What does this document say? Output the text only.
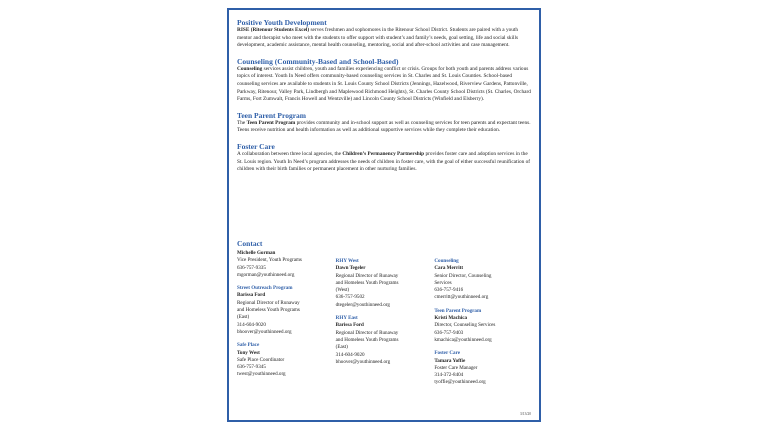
Positive Youth Development

RISE (Ritenour Students Excel) serves freshmen and sophomores in the Ritenour School District. Students are paired with a youth mentor and therapist who meet with the students to offer support with student’s and family’s needs, goal setting, life and social skills development, academic assistance, mental health counseling, mentoring, social and after-school activities and case management.

Counseling (Community-Based and School-Based)

Counseling services assist children, youth and families experiencing conflict or crisis. Groups for both youth and parents address various topics of interest. Youth In Need offers community-based counseling services in St. Charles and St. Louis Counties. School-based counseling services are available to students in St. Louis County School Districts (Jennings, Hazelwood, Riverview Gardens, Pattonville, Parkway, Ritenour, Valley Park, Lindbergh and Maplewood Richmond Heights), St. Charles County School Districts (St. Charles, Orchard Farms, Fort Zumwalt, Francis Howell and Wentzville) and Lincoln County School Districts (Winfield and Elsberry).

Teen Parent Program

The Teen Parent Program provides community and in-school support as well as counseling services for teen parents and expectant teens. Teens receive nutrition and health information as well as additional supportive services while they complete their education.

Foster Care

A collaboration between three local agencies, the Children’s Permanency Partnership provides foster care and adoption services in the St. Louis region. Youth In Need’s program addresses the needs of children in foster care, with the goal of either successful reunification of children with their birth families or permanent placement in other nurturing families.

Contact
Michelle Gorman
Vice President, Youth Programs
636-757-9335
mgorman@youthinneed.org
Street Outreach Program
Barissa Ford
Regional Director of Runaway
and Homeless Youth Programs
(East)
314-604-9020
bhoover@youthinneed.org
Safe Place
Tony West
Safe Place Coordinator
636-757-9345
twest@youthinneed.org
RHY West
Dawn Tegeler
Regional Director of Runaway
and Homeless Youth Programs
(West)
636-757-9502
dtegeler@youthinneed.org
RHY East
Barissa Ford
Regional Director of Runaway
and Homeless Youth Programs
(East)
314-604-9020
bhoover@youthinneed.org
Counseling
Cara Merritt
Senior Director, Counseling
Services
636-757-9416
cmerritt@youthinneed.org
Teen Parent Program
Kristi Machica
Director, Counseling Services
636-757-9403
kmachica@youthinneed.org
Foster Care
Tamara Yoffie
Foster Care Manager
314-372-8404
tyoffie@youthinneed.org
3/13/20
